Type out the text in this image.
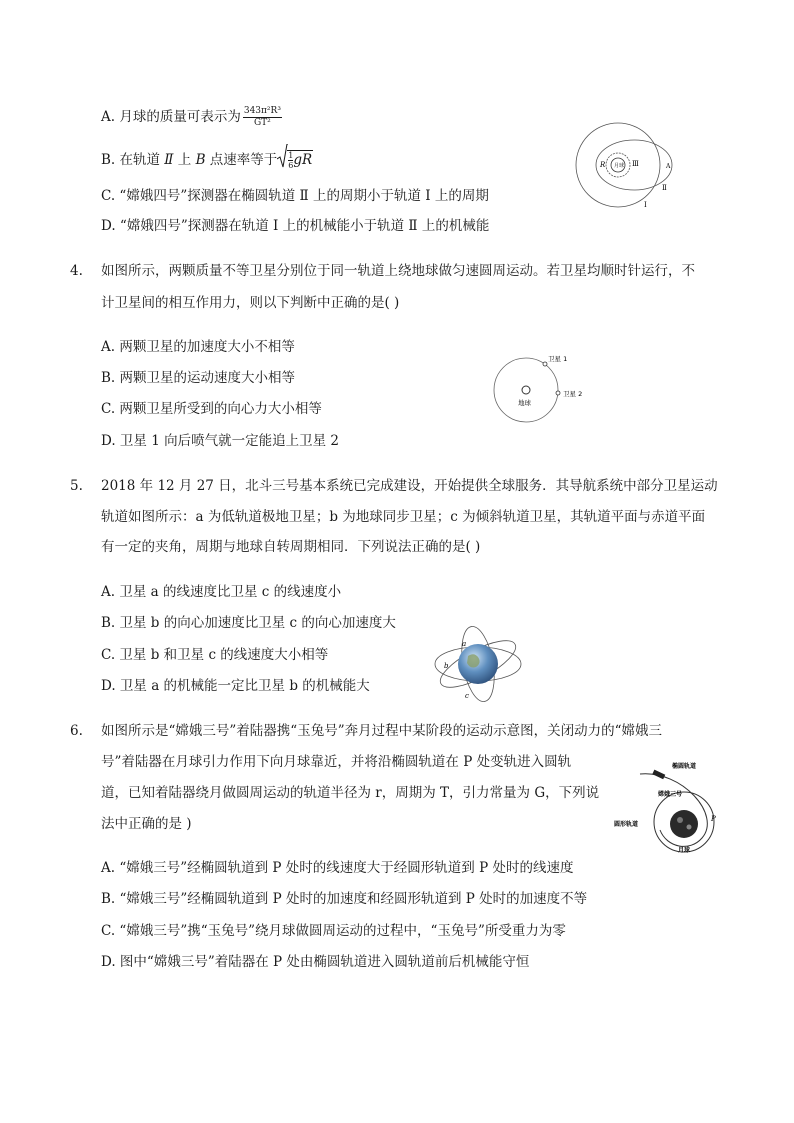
A. 月球的质量可表示为 $\frac{\text{343π²R³}}{\text{GT²}}$
B. 在轨道 Ⅱ 上 B 点速率等于 $\frac{1}{6}$ gR
C. “嫦娥四号”探测器在椭圆轨道 Ⅱ 上的周期小于轨道 Ⅰ 上的周期
D. “嫦娥四号”探测器在轨道 Ⅰ 上的机械能小于轨道 Ⅱ 上的机械能
月球
R	Ⅲ	A
Ⅱ
Ⅰ
4. 如图所示，两颗质量不等卫星分别位于同一轨道上绕地球做匀速圆周运动。若卫星均顺时针运行，不
计卫星间的相互作用力，则以下判断中正确的是( )
A. 两颗卫星的加速度大小不相等
B. 两颗卫星的运动速度大小相等
C. 两颗卫星所受到的向心力大小相等
D. 卫星 1 向后喷气就一定能追上卫星 2
地球
卫星 1
卫星 2
5. 2018 年 12 月 27 日，北斗三号基本系统已完成建设，开始提供全球服务．其导航系统中部分卫星运动
轨道如图所示：a 为低轨道极地卫星；b 为地球同步卫星；c 为倾斜轨道卫星，其轨道平面与赤道平面
有一定的夹角，周期与地球自转周期相同．下列说法正确的是( )
A. 卫星 a 的线速度比卫星 c 的线速度小
B. 卫星 b 的向心加速度比卫星 c 的向心加速度大
C. 卫星 b 和卫星 c 的线速度大小相等
D. 卫星 a 的机械能一定比卫星 b 的机械能大
a
b
c
6. 如图所示是“嫦娥三号”着陆器携“玉兔号”奔月过程中某阶段的运动示意图，关闭动力的“嫦娥三
号”着陆器在月球引力作用下向月球靠近，并将沿椭圆轨道在 P 处变轨进入圆轨
道，已知着陆器绕月做圆周运动的轨道半径为 r，周期为 T，引力常量为 G，下列说
法中正确的是 )
A. “嫦娥三号”经椭圆轨道到 P 处时的线速度大于经圆形轨道到 P 处时的线速度
B. “嫦娥三号”经椭圆轨道到 P 处时的加速度和经圆形轨道到 P 处时的加速度不等
C. “嫦娥三号”携“玉兔号”绕月球做圆周运动的过程中，“玉兔号”所受重力为零
D. 图中“嫦娥三号”着陆器在 P 处由椭圆轨道进入圆轨道前后机械能守恒
椭圆轨道
嫦娥三号
圆形轨道
月球
P
